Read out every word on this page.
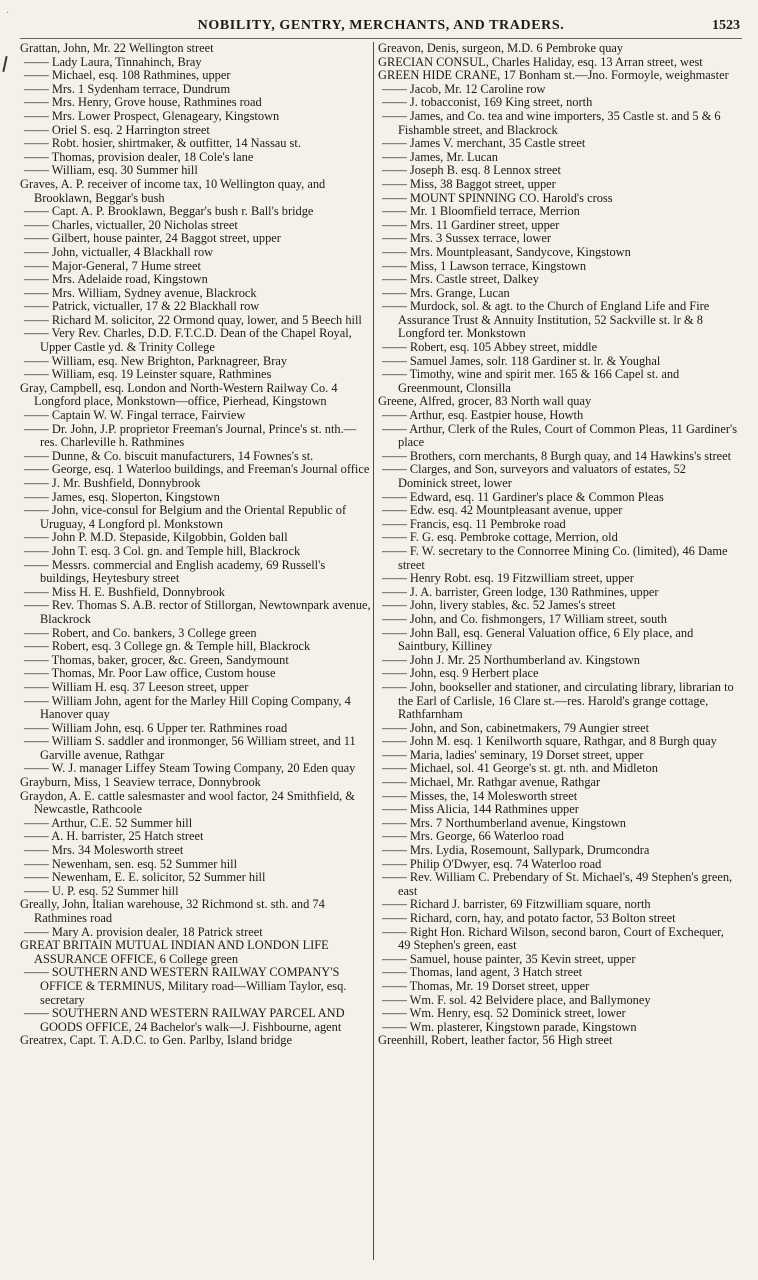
·
NOBILITY, GENTRY, MERCHANTS, AND TRADERS.	1523
Grattan, John, Mr. 22 Wellington street
—— Lady Laura, Tinnahinch, Bray
—— Michael, esq. 108 Rathmines, upper
—— Mrs. 1 Sydenham terrace, Dundrum
—— Mrs. Henry, Grove house, Rathmines road
—— Mrs. Lower Prospect, Glenageary, Kingstown
—— Oriel S. esq. 2 Harrington street
—— Robt. hosier, shirtmaker, & outfitter, 14 Nassau st.
—— Thomas, provision dealer, 18 Cole's lane
—— William, esq. 30 Summer hill
Graves, A. P. receiver of income tax, 10 Wellington quay, and Brooklawn, Beggar's bush
—— Capt. A. P. Brooklawn, Beggar's bush r. Ball's bridge
—— Charles, victualler, 20 Nicholas street
—— Gilbert, house painter, 24 Baggot street, upper
—— John, victualler, 4 Blackhall row
—— Major-General, 7 Hume street
—— Mrs. Adelaide road, Kingstown
—— Mrs. William, Sydney avenue, Blackrock
—— Patrick, victualler, 17 & 22 Blackhall row
—— Richard M. solicitor, 22 Ormond quay, lower, and 5 Beech hill
—— Very Rev. Charles, D.D. F.T.C.D. Dean of the Chapel Royal, Upper Castle yd. & Trinity College
—— William, esq. New Brighton, Parknagreer, Bray
—— William, esq. 19 Leinster square, Rathmines
Gray, Campbell, esq. London and North-Western Railway Co. 4 Longford place, Monkstown—office, Pierhead, Kingstown
—— Captain W. W. Fingal terrace, Fairview
—— Dr. John, J.P. proprietor Freeman's Journal, Prince's st. nth.—res. Charleville h. Rathmines
—— Dunne, & Co. biscuit manufacturers, 14 Fownes's st.
—— George, esq. 1 Waterloo buildings, and Freeman's Journal office
—— J. Mr. Bushfield, Donnybrook
—— James, esq. Sloperton, Kingstown
—— John, vice-consul for Belgium and the Oriental Republic of Uruguay, 4 Longford pl. Monkstown
—— John P. M.D. Stepaside, Kilgobbin, Golden ball
—— John T. esq. 3 Col. gn. and Temple hill, Blackrock
—— Messrs. commercial and English academy, 69 Russell's buildings, Heytesbury street
—— Miss H. E. Bushfield, Donnybrook
—— Rev. Thomas S. A.B. rector of Stillorgan, Newtownpark avenue, Blackrock
—— Robert, and Co. bankers, 3 College green
—— Robert, esq. 3 College gn. & Temple hill, Blackrock
—— Thomas, baker, grocer, &c. Green, Sandymount
—— Thomas, Mr. Poor Law office, Custom house
—— William H. esq. 37 Leeson street, upper
—— William John, agent for the Marley Hill Coping Company, 4 Hanover quay
—— William John, esq. 6 Upper ter. Rathmines road
—— William S. saddler and ironmonger, 56 William street, and 11 Garville avenue, Rathgar
—— W. J. manager Liffey Steam Towing Company, 20 Eden quay
Grayburn, Miss, 1 Seaview terrace, Donnybrook
Graydon, A. E. cattle salesmaster and wool factor, 24 Smithfield, & Newcastle, Rathcoole
—— Arthur, C.E. 52 Summer hill
—— A. H. barrister, 25 Hatch street
—— Mrs. 34 Molesworth street
—— Newenham, sen. esq. 52 Summer hill
—— Newenham, E. E. solicitor, 52 Summer hill
—— U. P. esq. 52 Summer hill
Greally, John, Italian warehouse, 32 Richmond st. sth. and 74 Rathmines road
—— Mary A. provision dealer, 18 Patrick street
GREAT BRITAIN MUTUAL INDIAN AND LONDON LIFE ASSURANCE OFFICE, 6 College green
—— SOUTHERN AND WESTERN RAILWAY COMPANY'S OFFICE & TERMINUS, Military road—William Taylor, esq. secretary
—— SOUTHERN AND WESTERN RAILWAY PARCEL AND GOODS OFFICE, 24 Bachelor's walk—J. Fishbourne, agent
Greatrex, Capt. T. A.D.C. to Gen. Parlby, Island bridge
Greavon, Denis, surgeon, M.D. 6 Pembroke quay
GRECIAN CONSUL, Charles Haliday, esq. 13 Arran street, west
GREEN HIDE CRANE, 17 Bonham st.—Jno. Formoyle, weighmaster
—— Jacob, Mr. 12 Caroline row
—— J. tobacconist, 169 King street, north
—— James, and Co. tea and wine importers, 35 Castle st. and 5 & 6 Fishamble street, and Blackrock
—— James V. merchant, 35 Castle street
—— James, Mr. Lucan
—— Joseph B. esq. 8 Lennox street
—— Miss, 38 Baggot street, upper
—— MOUNT SPINNING CO. Harold's cross
—— Mr. 1 Bloomfield terrace, Merrion
—— Mrs. 11 Gardiner street, upper
—— Mrs. 3 Sussex terrace, lower
—— Mrs. Mountpleasant, Sandycove, Kingstown
—— Miss, 1 Lawson terrace, Kingstown
—— Mrs. Castle street, Dalkey
—— Mrs. Grange, Lucan
—— Murdock, sol. & agt. to the Church of England Life and Fire Assurance Trust & Annuity Institution, 52 Sackville st. lr & 8 Longford ter. Monkstown
—— Robert, esq. 105 Abbey street, middle
—— Samuel James, solr. 118 Gardiner st. lr. & Youghal
—— Timothy, wine and spirit mer. 165 & 166 Capel st. and Greenmount, Clonsilla
Greene, Alfred, grocer, 83 North wall quay
—— Arthur, esq. Eastpier house, Howth
—— Arthur, Clerk of the Rules, Court of Common Pleas, 11 Gardiner's place
—— Brothers, corn merchants, 8 Burgh quay, and 14 Hawkins's street
—— Clarges, and Son, surveyors and valuators of estates, 52 Dominick street, lower
—— Edward, esq. 11 Gardiner's place & Common Pleas
—— Edw. esq. 42 Mountpleasant avenue, upper
—— Francis, esq. 11 Pembroke road
—— F. G. esq. Pembroke cottage, Merrion, old
—— F. W. secretary to the Connorree Mining Co. (limited), 46 Dame street
—— Henry Robt. esq. 19 Fitzwilliam street, upper
—— J. A. barrister, Green lodge, 130 Rathmines, upper
—— John, livery stables, &c. 52 James's street
—— John, and Co. fishmongers, 17 William street, south
—— John Ball, esq. General Valuation office, 6 Ely place, and Saintbury, Killiney
—— John J. Mr. 25 Northumberland av. Kingstown
—— John, esq. 9 Herbert place
—— John, bookseller and stationer, and circulating library, librarian to the Earl of Carlisle, 16 Clare st.—res. Harold's grange cottage, Rathfarnham
—— John, and Son, cabinetmakers, 79 Aungier street
—— John M. esq. 1 Kenilworth square, Rathgar, and 8 Burgh quay
—— Maria, ladies' seminary, 19 Dorset street, upper
—— Michael, sol. 41 George's st. gt. nth. and Midleton
—— Michael, Mr. Rathgar avenue, Rathgar
—— Misses, the, 14 Molesworth street
—— Miss Alicia, 144 Rathmines upper
—— Mrs. 7 Northumberland avenue, Kingstown
—— Mrs. George, 66 Waterloo road
—— Mrs. Lydia, Rosemount, Sallypark, Drumcondra
—— Philip O'Dwyer, esq. 74 Waterloo road
—— Rev. William C. Prebendary of St. Michael's, 49 Stephen's green, east
—— Richard J. barrister, 69 Fitzwilliam square, north
—— Richard, corn, hay, and potato factor, 53 Bolton street
—— Right Hon. Richard Wilson, second baron, Court of Exchequer, 49 Stephen's green, east
—— Samuel, house painter, 35 Kevin street, upper
—— Thomas, land agent, 3 Hatch street
—— Thomas, Mr. 19 Dorset street, upper
—— Wm. F. sol. 42 Belvidere place, and Ballymoney
—— Wm. Henry, esq. 52 Dominick street, lower
—— Wm. plasterer, Kingstown parade, Kingstown
Greenhill, Robert, leather factor, 56 High street
